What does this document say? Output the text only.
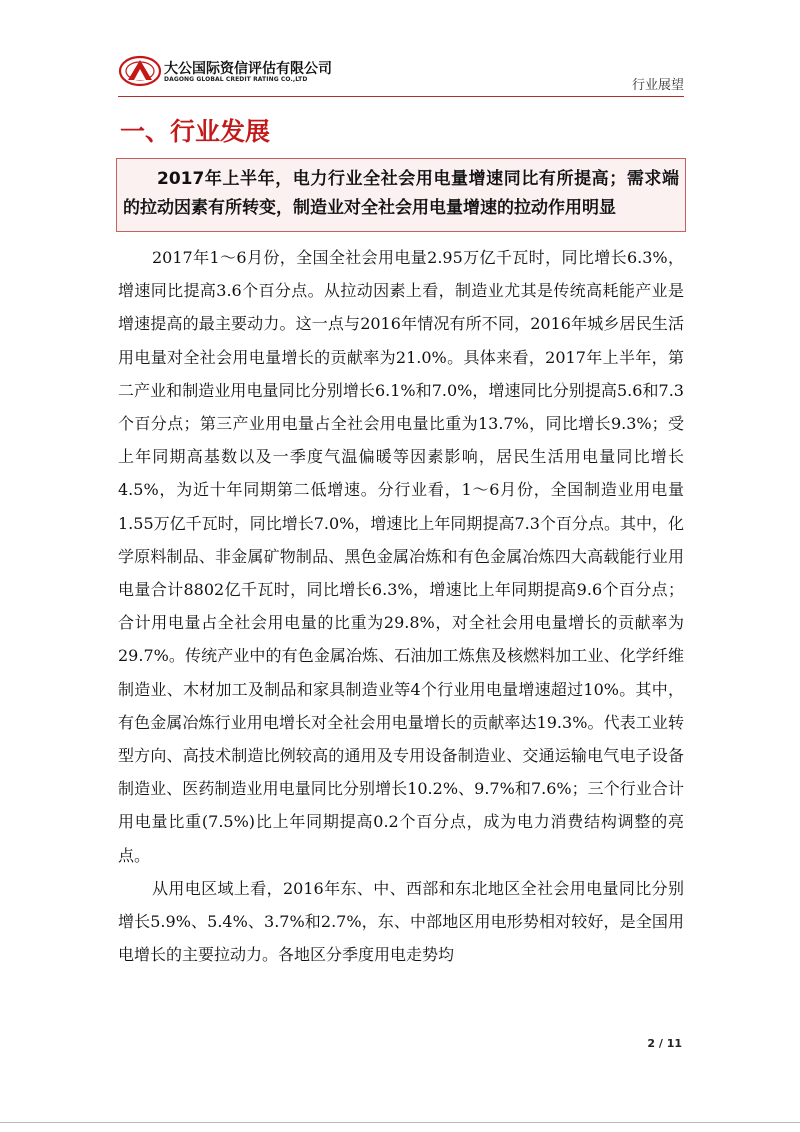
大公国际资信评估有限公司
DAGONG GLOBAL CREDIT RATING CO.,LTD	行业展望
一、行业发展

2017年上半年，电力行业全社会用电量增速同比有所提高；需求端的拉动因素有所转变，制造业对全社会用电量增速的拉动作用明显

2017年1～6月份，全国全社会用电量2.95万亿千瓦时，同比增长6.3%，增速同比提高3.6个百分点。从拉动因素上看，制造业尤其是传统高耗能产业是增速提高的最主要动力。这一点与2016年情况有所不同，2016年城乡居民生活用电量对全社会用电量增长的贡献率为21.0%。具体来看，2017年上半年，第二产业和制造业用电量同比分别增长6.1%和7.0%，增速同比分别提高5.6和7.3个百分点；第三产业用电量占全社会用电量比重为13.7%，同比增长9.3%；受上年同期高基数以及一季度气温偏暖等因素影响，居民生活用电量同比增长4.5%，为近十年同期第二低增速。分行业看，1～6月份，全国制造业用电量1.55万亿千瓦时，同比增长7.0%，增速比上年同期提高7.3个百分点。其中，化学原料制品、非金属矿物制品、黑色金属冶炼和有色金属冶炼四大高载能行业用电量合计8802亿千瓦时，同比增长6.3%，增速比上年同期提高9.6个百分点；合计用电量占全社会用电量的比重为29.8%，对全社会用电量增长的贡献率为29.7%。传统产业中的有色金属冶炼、石油加工炼焦及核燃料加工业、化学纤维制造业、木材加工及制品和家具制造业等4个行业用电量增速超过10%。其中，有色金属冶炼行业用电增长对全社会用电量增长的贡献率达19.3%。代表工业转型方向、高技术制造比例较高的通用及专用设备制造业、交通运输电气电子设备制造业、医药制造业用电量同比分别增长10.2%、9.7%和7.6%；三个行业合计用电量比重(7.5%)比上年同期提高0.2个百分点，成为电力消费结构调整的亮点。

从用电区域上看，2016年东、中、西部和东北地区全社会用电量同比分别增长5.9%、5.4%、3.7%和2.7%，东、中部地区用电形势相对较好，是全国用电增长的主要拉动力。各地区分季度用电走势均

2 / 11
